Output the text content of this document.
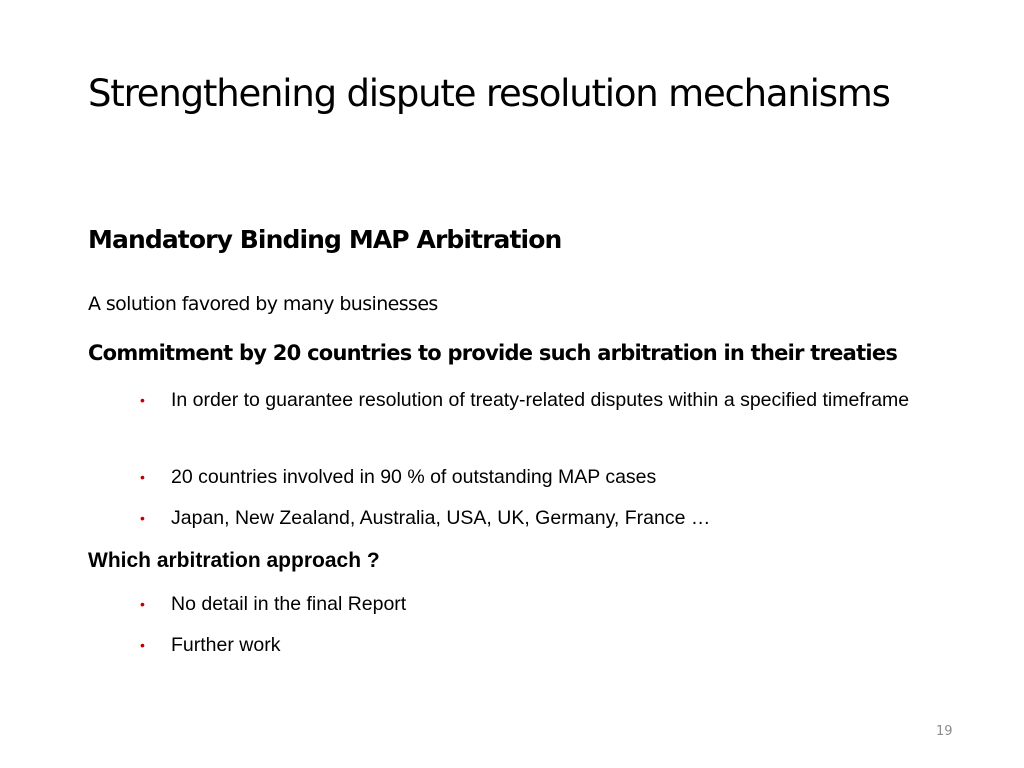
Strengthening dispute resolution mechanisms
Mandatory Binding MAP Arbitration
A solution favored by many businesses
Commitment by 20 countries to provide such arbitration in their treaties
• In order to guarantee resolution of treaty-related disputes within a specified timeframe
• 20 countries involved in 90 % of outstanding MAP cases
• Japan, New Zealand, Australia, USA, UK, Germany, France …
Which arbitration approach ?
• No detail in the final Report
• Further work
19
